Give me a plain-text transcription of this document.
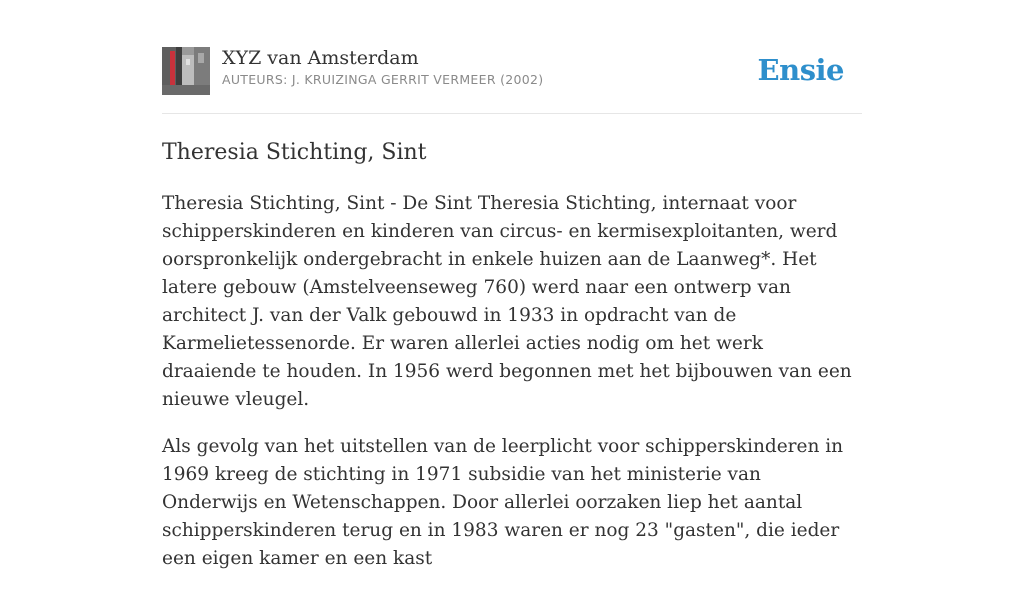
XYZ van Amsterdam
AUTEURS: J. KRUIZINGA GERRIT VERMEER (2002)	Ensie
Theresia Stichting, Sint

Theresia Stichting, Sint - De Sint Theresia Stichting, internaat voor schipperskinderen en kinderen van circus- en kermisexploitanten, werd oorspronkelijk ondergebracht in enkele huizen aan de Laanweg*. Het latere gebouw (Amstelveenseweg 760) werd naar een ontwerp van architect J. van der Valk gebouwd in 1933 in opdracht van de Karmelietessenorde. Er waren allerlei acties nodig om het werk draaiende te houden. In 1956 werd begonnen met het bijbouwen van een nieuwe vleugel.

Als gevolg van het uitstellen van de leerplicht voor schipperskinderen in 1969 kreeg de stichting in 1971 subsidie van het ministerie van Onderwijs en Wetenschappen. Door allerlei oorzaken liep het aantal schipperskinderen terug en in 1983 waren er nog 23 "gasten", die ieder een eigen kamer en een kast
